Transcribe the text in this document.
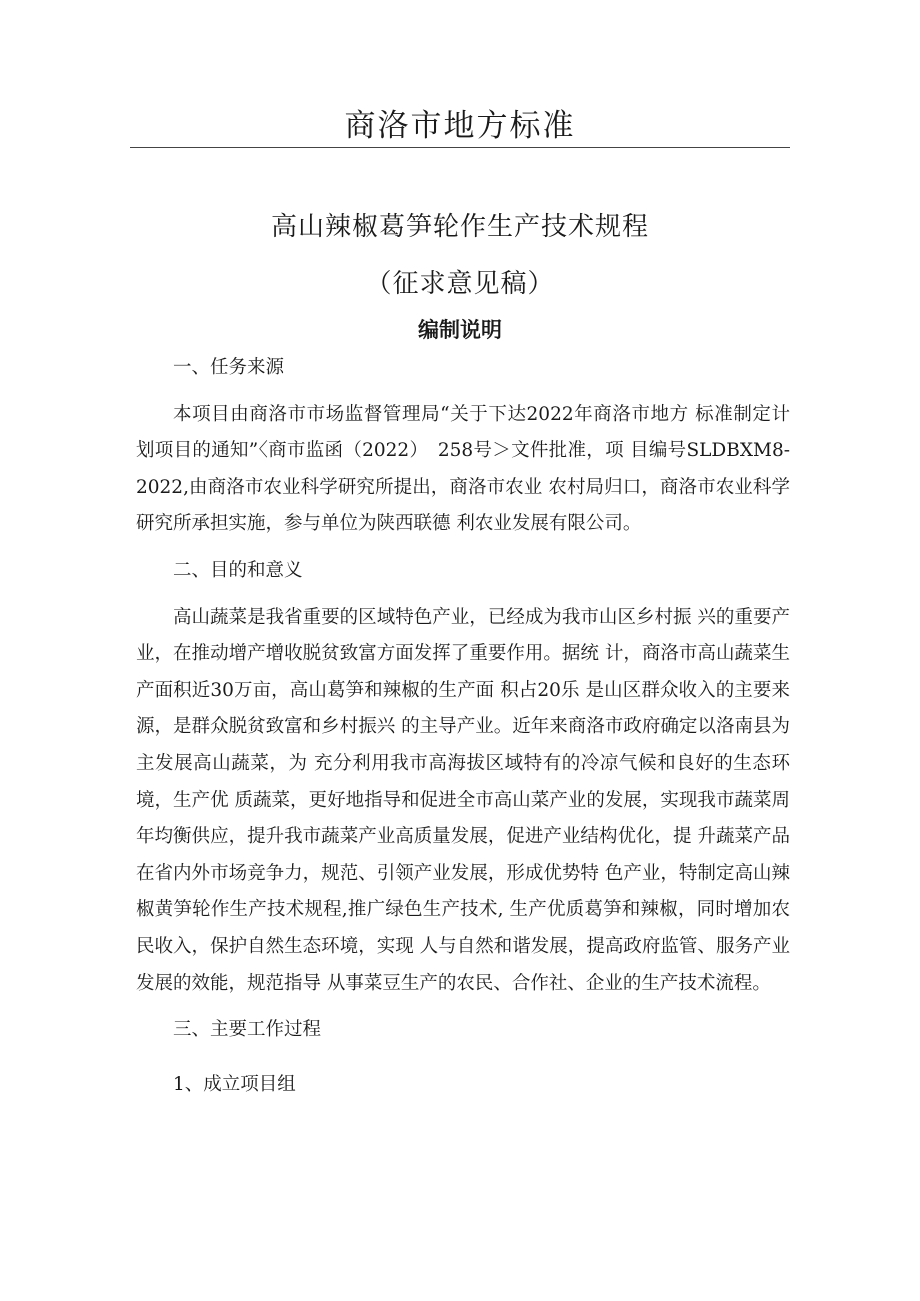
商洛市地方标准
高山辣椒葛笋轮作生产技术规程
（征求意见稿）
编制说明

一、任务来源

本项目由商洛市市场监督管理局“关于下达2022年商洛市地方 标准制定计划项目的通知”〈商市监函（2022）　258号＞文件批准，项 目编号SLDBXM8-2022,由商洛市农业科学研究所提出，商洛市农业 农村局归口，商洛市农业科学研究所承担实施，参与单位为陕西联德 利农业发展有限公司。

二、目的和意义

高山蔬菜是我省重要的区域特色产业，已经成为我市山区乡村振 兴的重要产业，在推动增产增收脱贫致富方面发挥了重要作用。据统 计，商洛市高山蔬菜生产面积近30万亩，高山葛笋和辣椒的生产面 积占20乐 是山区群众收入的主要来源，是群众脱贫致富和乡村振兴 的主导产业。近年来商洛市政府确定以洛南县为主发展高山蔬菜，为 充分利用我市高海拔区域特有的冷凉气候和良好的生态环境，生产优 质蔬菜，更好地指导和促进全市高山菜产业的发展，实现我市蔬菜周 年均衡供应，提升我市蔬菜产业高质量发展，促进产业结构优化，提 升蔬菜产品在省内外市场竞争力，规范、引领产业发展，形成优势特 色产业，特制定高山辣椒黄笋轮作生产技术规程,推广绿色生产技术, 生产优质葛笋和辣椒，同时增加农民收入，保护自然生态环境，实现 人与自然和谐发展，提高政府监管、服务产业发展的效能，规范指导 从事菜豆生产的农民、合作社、企业的生产技术流程。

三、主要工作过程

1、成立项目组
